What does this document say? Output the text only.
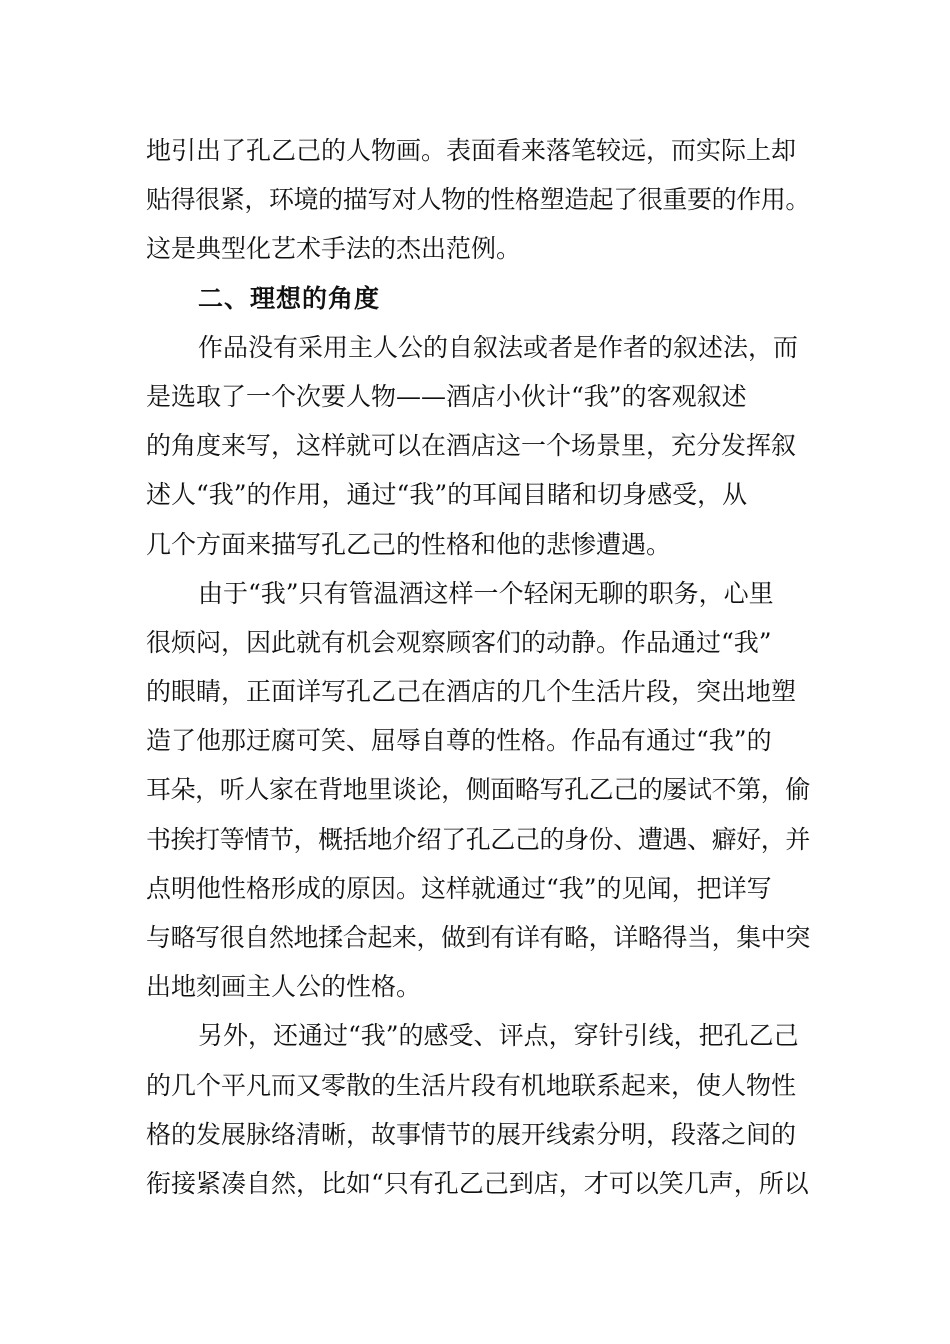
地引出了孔乙己的人物画。表面看来落笔较远，而实际上却
贴得很紧，环境的描写对人物的性格塑造起了很重要的作用。
这是典型化艺术手法的杰出范例。
二、理想的角度
作品没有采用主人公的自叙法或者是作者的叙述法，而
是选取了一个次要人物——酒店小伙计“我”的客观叙述
的角度来写，这样就可以在酒店这一个场景里，充分发挥叙
述人“我”的作用，通过“我”的耳闻目睹和切身感受，从
几个方面来描写孔乙己的性格和他的悲惨遭遇。
由于“我”只有管温酒这样一个轻闲无聊的职务，心里
很烦闷，因此就有机会观察顾客们的动静。作品通过“我”
的眼睛，正面详写孔乙己在酒店的几个生活片段，突出地塑
造了他那迂腐可笑、屈辱自尊的性格。作品有通过“我”的
耳朵，听人家在背地里谈论，侧面略写孔乙己的屡试不第，偷
书挨打等情节，概括地介绍了孔乙己的身份、遭遇、癖好，并
点明他性格形成的原因。这样就通过“我”的见闻，把详写
与略写很自然地揉合起来，做到有详有略，详略得当，集中突
出地刻画主人公的性格。
另外，还通过“我”的感受、评点，穿针引线，把孔乙己
的几个平凡而又零散的生活片段有机地联系起来，使人物性
格的发展脉络清晰，故事情节的展开线索分明，段落之间的
衔接紧凑自然，比如“只有孔乙己到店，才可以笑几声，所以
